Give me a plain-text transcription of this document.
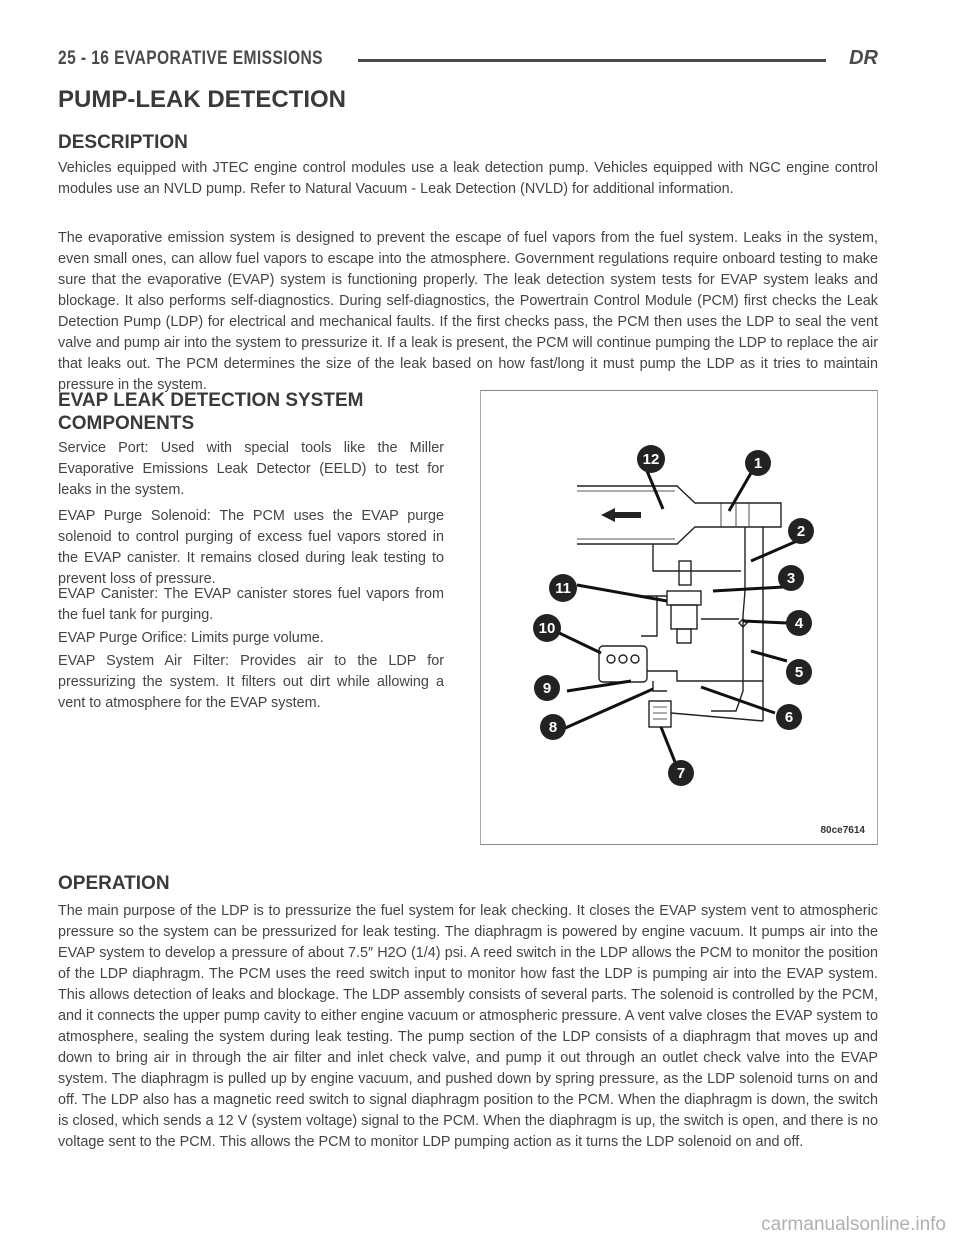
25 - 16 EVAPORATIVE EMISSIONS	DR
PUMP-LEAK DETECTION
DESCRIPTION

Vehicles equipped with JTEC engine control modules use a leak detection pump. Vehicles equipped with NGC engine control modules use an NVLD pump. Refer to Natural Vacuum - Leak Detection (NVLD) for additional information.

The evaporative emission system is designed to prevent the escape of fuel vapors from the fuel system. Leaks in the system, even small ones, can allow fuel vapors to escape into the atmosphere. Government regulations require onboard testing to make sure that the evaporative (EVAP) system is functioning properly. The leak detection system tests for EVAP system leaks and blockage. It also performs self-diagnostics. During self-diagnostics, the Powertrain Control Module (PCM) first checks the Leak Detection Pump (LDP) for electrical and mechanical faults. If the first checks pass, the PCM then uses the LDP to seal the vent valve and pump air into the system to pressurize it. If a leak is present, the PCM will continue pumping the LDP to replace the air that leaks out. The PCM determines the size of the leak based on how fast/long it must pump the LDP as it tries to maintain pressure in the system.

EVAP LEAK DETECTION SYSTEM
COMPONENTS

Service Port: Used with special tools like the Miller Evaporative Emissions Leak Detector (EELD) to test for leaks in the system.

EVAP Purge Solenoid: The PCM uses the EVAP purge solenoid to control purging of excess fuel vapors stored in the EVAP canister. It remains closed during leak testing to prevent loss of pressure.

EVAP Canister: The EVAP canister stores fuel vapors from the fuel tank for purging.

EVAP Purge Orifice: Limits purge volume.

EVAP System Air Filter: Provides air to the LDP for pressurizing the system. It filters out dirt while allowing a vent to atmosphere for the EVAP system.

12	1
2
3
4
5
6
7
8
9
10
11
80ce7614
OPERATION

The main purpose of the LDP is to pressurize the fuel system for leak checking. It closes the EVAP system vent to atmospheric pressure so the system can be pressurized for leak testing. The diaphragm is powered by engine vacuum. It pumps air into the EVAP system to develop a pressure of about 7.5″ H2O (1/4) psi. A reed switch in the LDP allows the PCM to monitor the position of the LDP diaphragm. The PCM uses the reed switch input to monitor how fast the LDP is pumping air into the EVAP system. This allows detection of leaks and blockage. The LDP assembly consists of several parts. The solenoid is controlled by the PCM, and it connects the upper pump cavity to either engine vacuum or atmospheric pressure. A vent valve closes the EVAP system to atmosphere, sealing the system during leak testing. The pump section of the LDP consists of a diaphragm that moves up and down to bring air in through the air filter and inlet check valve, and pump it out through an outlet check valve into the EVAP system. The diaphragm is pulled up by engine vacuum, and pushed down by spring pressure, as the LDP solenoid turns on and off. The LDP also has a magnetic reed switch to signal diaphragm position to the PCM. When the diaphragm is down, the switch is closed, which sends a 12 V (system voltage) signal to the PCM. When the diaphragm is up, the switch is open, and there is no voltage sent to the PCM. This allows the PCM to monitor LDP pumping action as it turns the LDP solenoid on and off.

carmanualsonline.info
